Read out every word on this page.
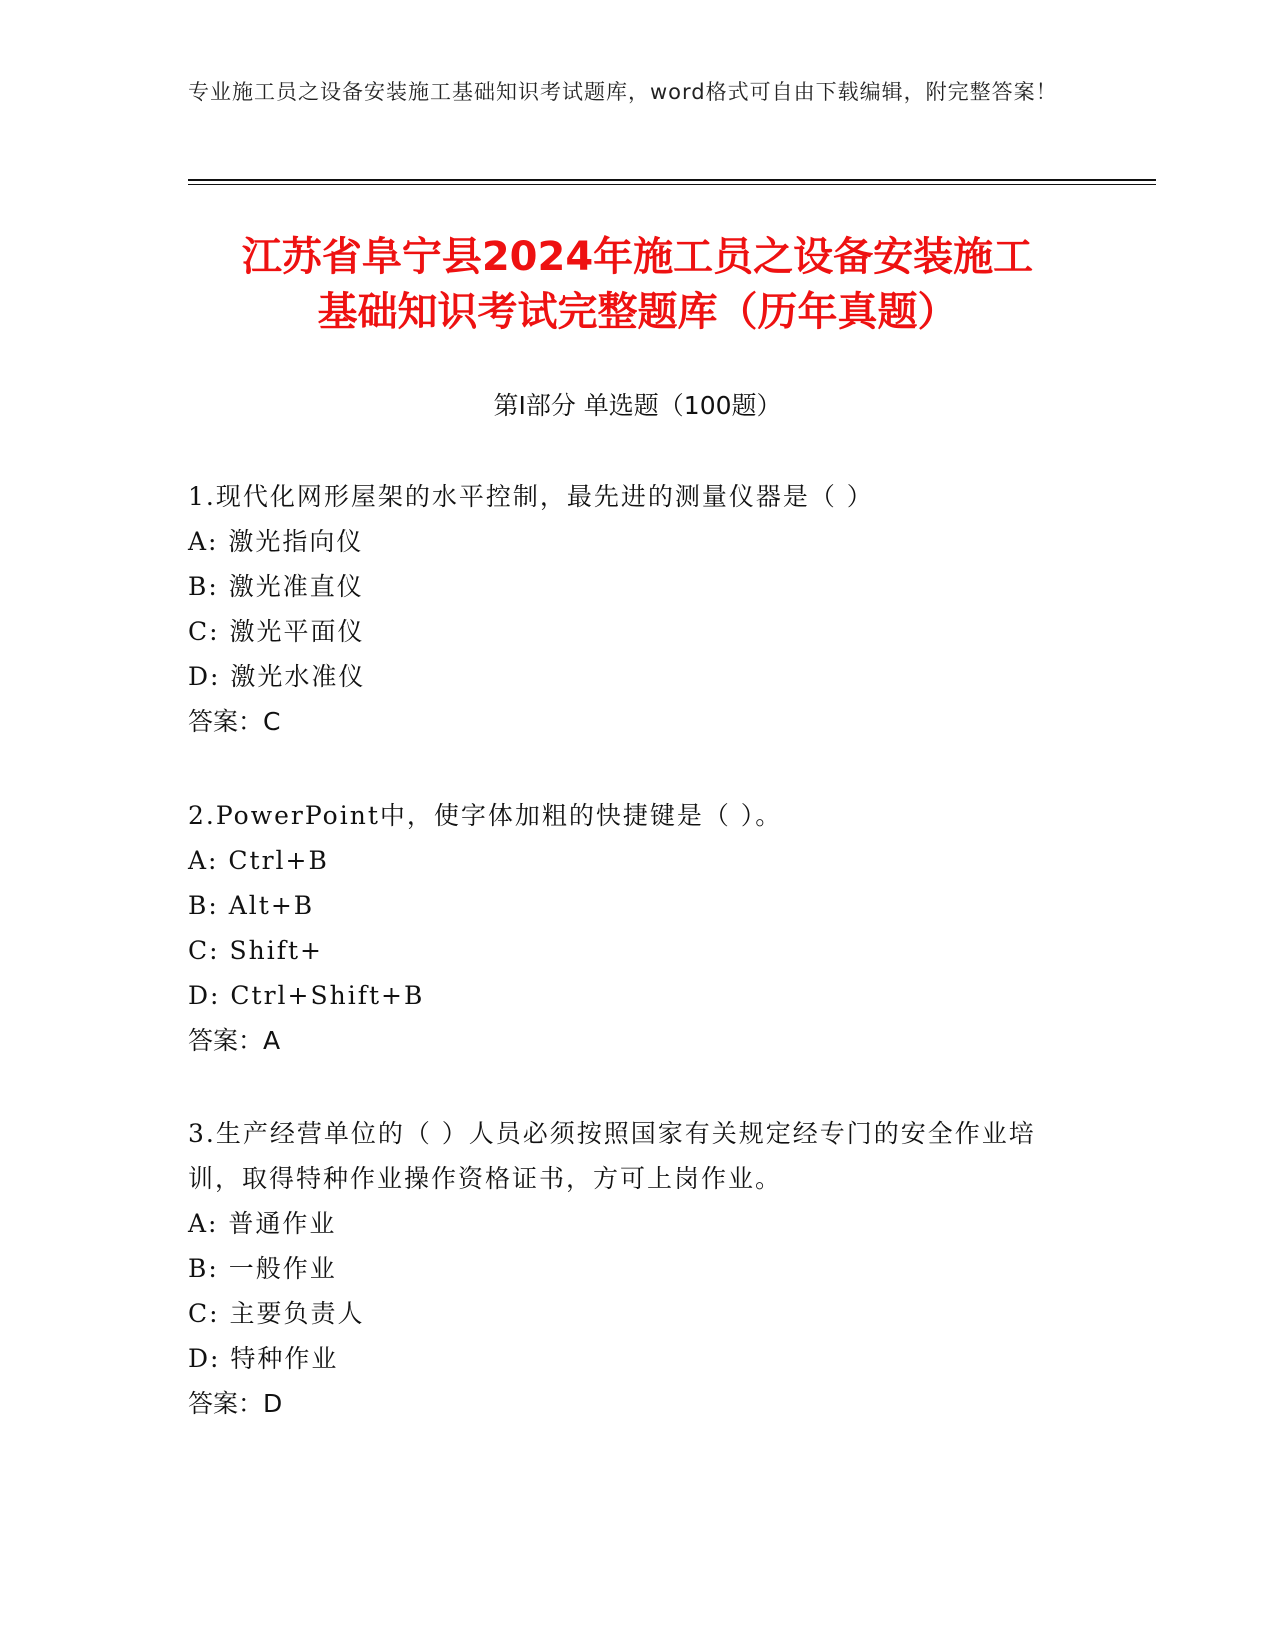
专业施工员之设备安装施工基础知识考试题库，word格式可自由下载编辑，附完整答案！
江苏省阜宁县2024年施工员之设备安装施工
基础知识考试完整题库（历年真题）
第Ⅰ部分 单选题（100题）

1.现代化网形屋架的水平控制，最先进的测量仪器是（ ）

A: 激光指向仪

B: 激光准直仪

C: 激光平面仪

D: 激光水准仪

答案：C

2.PowerPoint中，使字体加粗的快捷键是（ ）。

A: Ctrl+B

B: Alt+B

C: Shift+

D: Ctrl+Shift+B

答案：A

3.生产经营单位的（ ）人员必须按照国家有关规定经专门的安全作业培训，取得特种作业操作资格证书，方可上岗作业。

A: 普通作业

B: 一般作业

C: 主要负责人

D: 特种作业

答案：D
